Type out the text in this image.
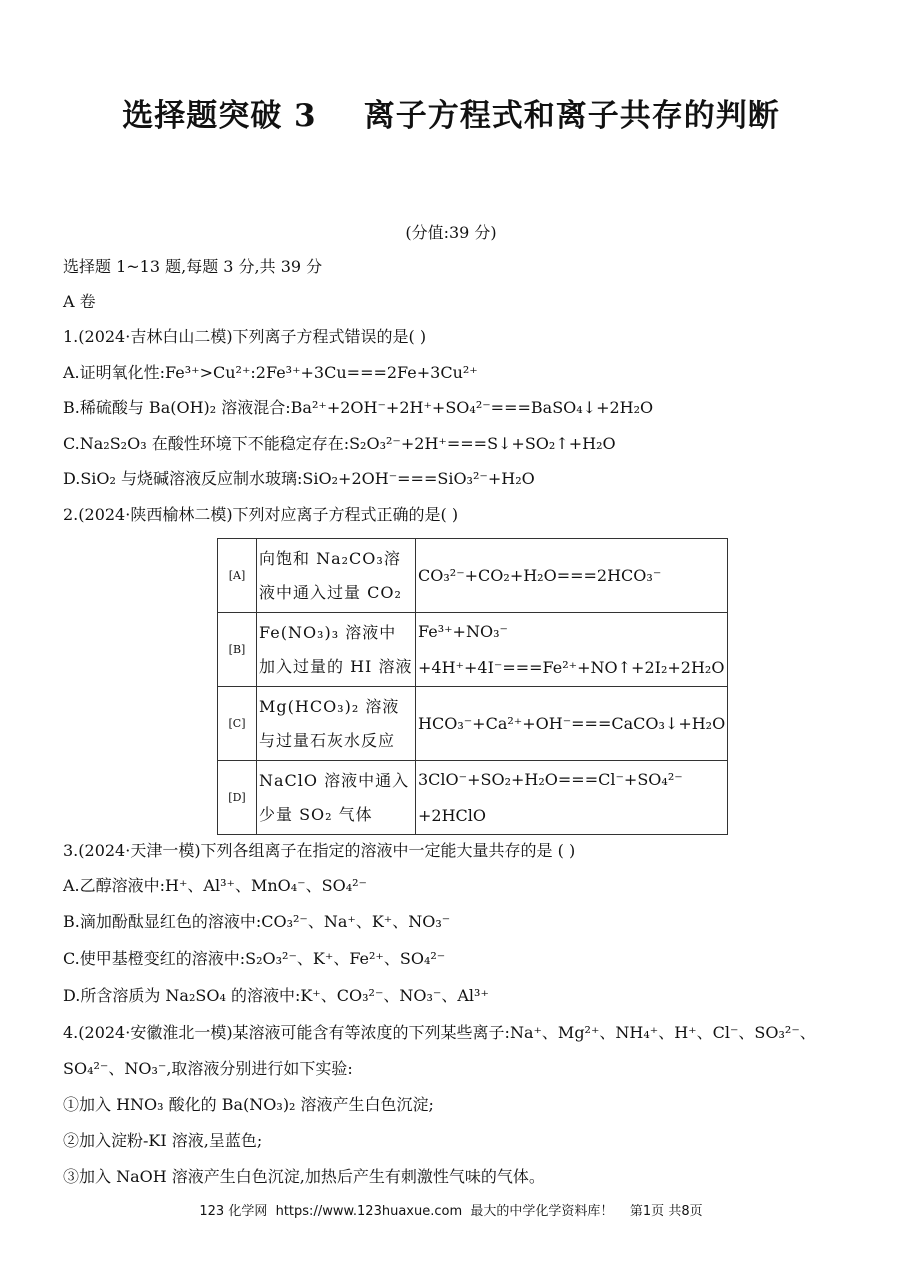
选择题突破 3    离子方程式和离子共存的判断
(分值:39 分)
选择题 1~13 题,每题 3 分,共 39 分
A 卷
1.(2024·吉林白山二模)下列离子方程式错误的是( )
A.证明氧化性:Fe³⁺>Cu²⁺:2Fe³⁺+3Cu===2Fe+3Cu²⁺
B.稀硫酸与 Ba(OH)₂ 溶液混合:Ba²⁺+2OH⁻+2H⁺+SO₄²⁻===BaSO₄↓+2H₂O
C.Na₂S₂O₃ 在酸性环境下不能稳定存在:S₂O₃²⁻+2H⁺===S↓+SO₂↑+H₂O
D.SiO₂ 与烧碱溶液反应制水玻璃:SiO₂+2OH⁻===SiO₃²⁻+H₂O
2.(2024·陕西榆林二模)下列对应离子方程式正确的是( )
[A]	向饱和 Na₂CO₃溶液中通入过量 CO₂	CO₃²⁻+CO₂+H₂O===2HCO₃⁻
[B]	Fe(NO₃)₃ 溶液中加入过量的 HI 溶液	Fe³⁺+NO₃⁻ +4H⁺+4I⁻===Fe²⁺+NO↑+2I₂+2H₂O
[C]	Mg(HCO₃)₂ 溶液与过量石灰水反应	HCO₃⁻+Ca²⁺+OH⁻===CaCO₃↓+H₂O
[D]	NaClO 溶液中通入少量 SO₂ 气体	3ClO⁻+SO₂+H₂O===Cl⁻+SO₄²⁻ +2HClO
3.(2024·天津一模)下列各组离子在指定的溶液中一定能大量共存的是 ( )
A.乙醇溶液中:H⁺、Al³⁺、MnO₄⁻、SO₄²⁻
B.滴加酚酞显红色的溶液中:CO₃²⁻、Na⁺、K⁺、NO₃⁻
C.使甲基橙变红的溶液中:S₂O₃²⁻、K⁺、Fe²⁺、SO₄²⁻
D.所含溶质为 Na₂SO₄ 的溶液中:K⁺、CO₃²⁻、NO₃⁻、Al³⁺
4.(2024·安徽淮北一模)某溶液可能含有等浓度的下列某些离子:Na⁺、Mg²⁺、NH₄⁺、H⁺、Cl⁻、SO₃²⁻、
SO₄²⁻、NO₃⁻,取溶液分别进行如下实验:
①加入 HNO₃ 酸化的 Ba(NO₃)₂ 溶液产生白色沉淀;
②加入淀粉-KI 溶液,呈蓝色;
③加入 NaOH 溶液产生白色沉淀,加热后产生有刺激性气味的气体。
123 化学网  https://www.123huaxue.com  最大的中学化学资料库！    第1页 共8页
